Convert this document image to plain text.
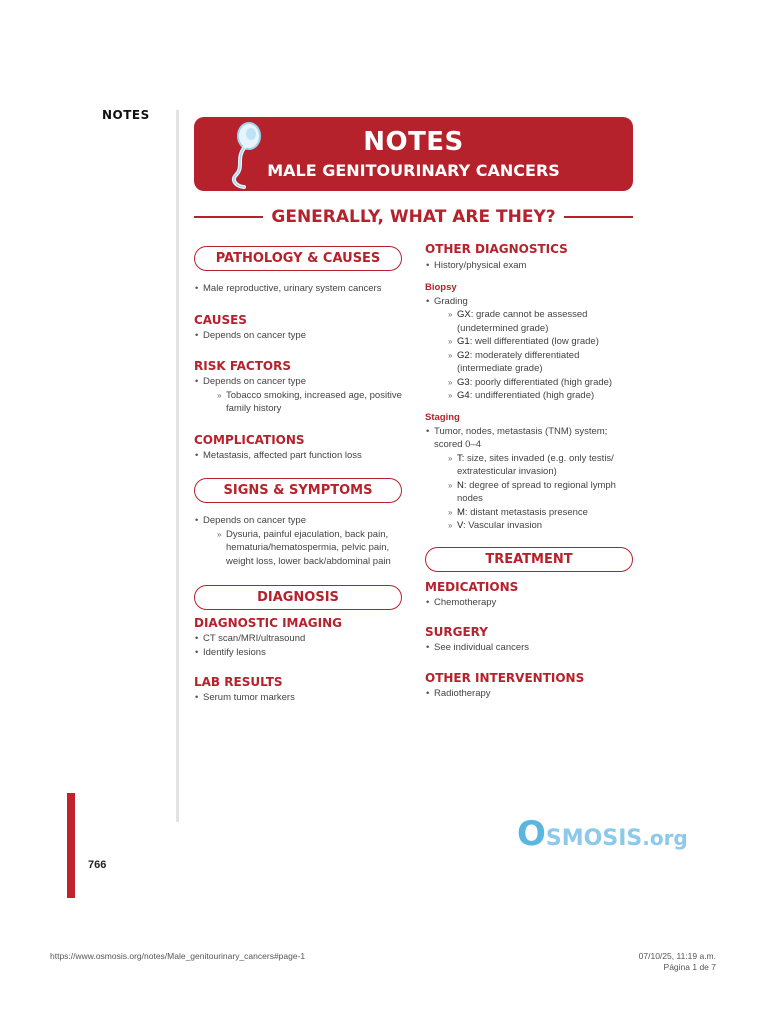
NOTES
766
NOTES
MALE GENITOURINARY CANCERS
GENERALLY, WHAT ARE THEY?
PATHOLOGY & CAUSES
• Male reproductive, urinary system cancers
CAUSES
• Depends on cancer type
RISK FACTORS
• Depends on cancer type
» Tobacco smoking, increased age, positive family history
COMPLICATIONS
• Metastasis, affected part function loss
SIGNS & SYMPTOMS
• Depends on cancer type
» Dysuria, painful ejaculation, back pain, hematuria/hematospermia, pelvic pain, weight loss, lower back/abdominal pain
DIAGNOSIS
DIAGNOSTIC IMAGING
• CT scan/MRI/ultrasound
• Identify lesions
LAB RESULTS
• Serum tumor markers
OTHER DIAGNOSTICS
• History/physical exam
Biopsy
• Grading
» GX: grade cannot be assessed (undetermined grade)
» G1: well differentiated (low grade)
» G2: moderately differentiated (intermediate grade)
» G3: poorly differentiated (high grade)
» G4: undifferentiated (high grade)
Staging
• Tumor, nodes, metastasis (TNM) system; scored 0–4
» T: size, sites invaded (e.g. only testis/ extratesticular invasion)
» N: degree of spread to regional lymph nodes
» M: distant metastasis presence
» V: Vascular invasion
TREATMENT
MEDICATIONS
• Chemotherapy
SURGERY
• See individual cancers
OTHER INTERVENTIONS
• Radiotherapy
O SMOSIS .org
https://www.osmosis.org/notes/Male_genitourinary_cancers#page-1	07/10/25, 11:19 a.m.
Página 1 de 7
